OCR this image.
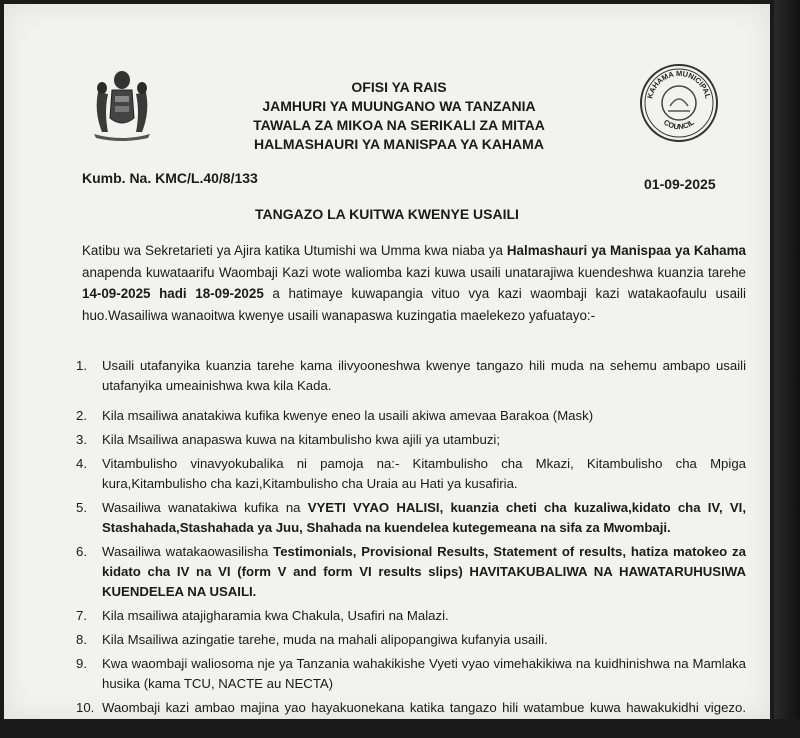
KAHAMA MUNICIPAL
COUNCIL
OFISI YA RAIS
JAMHURI YA MUUNGANO WA TANZANIA
TAWALA ZA MIKOA NA SERIKALI ZA MITAA
HALMASHAURI YA MANISPAA YA KAHAMA
Kumb. Na. KMC/L.40/8/133	01-09-2025
TANGAZO LA KUITWA KWENYE USAILI
Katibu wa Sekretarieti ya Ajira katika Utumishi wa Umma kwa niaba ya Halmashauri ya Manispaa ya Kahama anapenda kuwataarifu Waombaji Kazi wote waliomba kazi kuwa usaili unatarajiwa kuendeshwa kuanzia tarehe 14-09-2025 hadi 18-09-2025 a hatimaye kuwapangia vituo vya kazi waombaji kazi watakaofaulu usaili huo.Wasailiwa wanaoitwa kwenye usaili wanapaswa kuzingatia maelekezo yafuatayo:-
1. Usaili utafanyika kuanzia tarehe kama ilivyooneshwa kwenye tangazo hili muda na sehemu ambapo usaili utafanyika umeainishwa kwa kila Kada.
2. Kila msailiwa anatakiwa kufika kwenye eneo la usaili akiwa amevaa Barakoa (Mask)
3. Kila Msailiwa anapaswa kuwa na kitambulisho kwa ajili ya utambuzi;
4. Vitambulisho vinavyokubalika ni pamoja na:- Kitambulisho cha Mkazi, Kitambulisho cha Mpiga kura,Kitambulisho cha kazi,Kitambulisho cha Uraia au Hati ya kusafiria.
5. Wasailiwa wanatakiwa kufika na VYETI VYAO HALISI, kuanzia cheti cha kuzaliwa,kidato cha IV, VI, Stashahada,Stashahada ya Juu, Shahada na kuendelea kutegemeana na sifa za Mwombaji.
6. Wasailiwa watakaowasilisha Testimonials, Provisional Results, Statement of results, hatiza matokeo za kidato cha IV na VI (form V and form VI results slips) HAVITAKUBALIWA NA HAWATARUHUSIWA KUENDELEA NA USAILI.
7. Kila msailiwa atajigharamia kwa Chakula, Usafiri na Malazi.
8. Kila Msailiwa azingatie tarehe, muda na mahali alipopangiwa kufanyia usaili.
9. Kwa waombaji waliosoma nje ya Tanzania wahakikishe Vyeti vyao vimehakikiwa na kuidhinishwa na Mamlaka husika (kama TCU, NACTE au NECTA)
10. Waombaji kazi ambao majina yao hayakuonekana katika tangazo hili watambue kuwa hawakukidhi vigezo. Hivyo, wasisite kuomba tena pindi nafasi za kazi zitakapotangazwa na kuzingatia mahitaji ya
